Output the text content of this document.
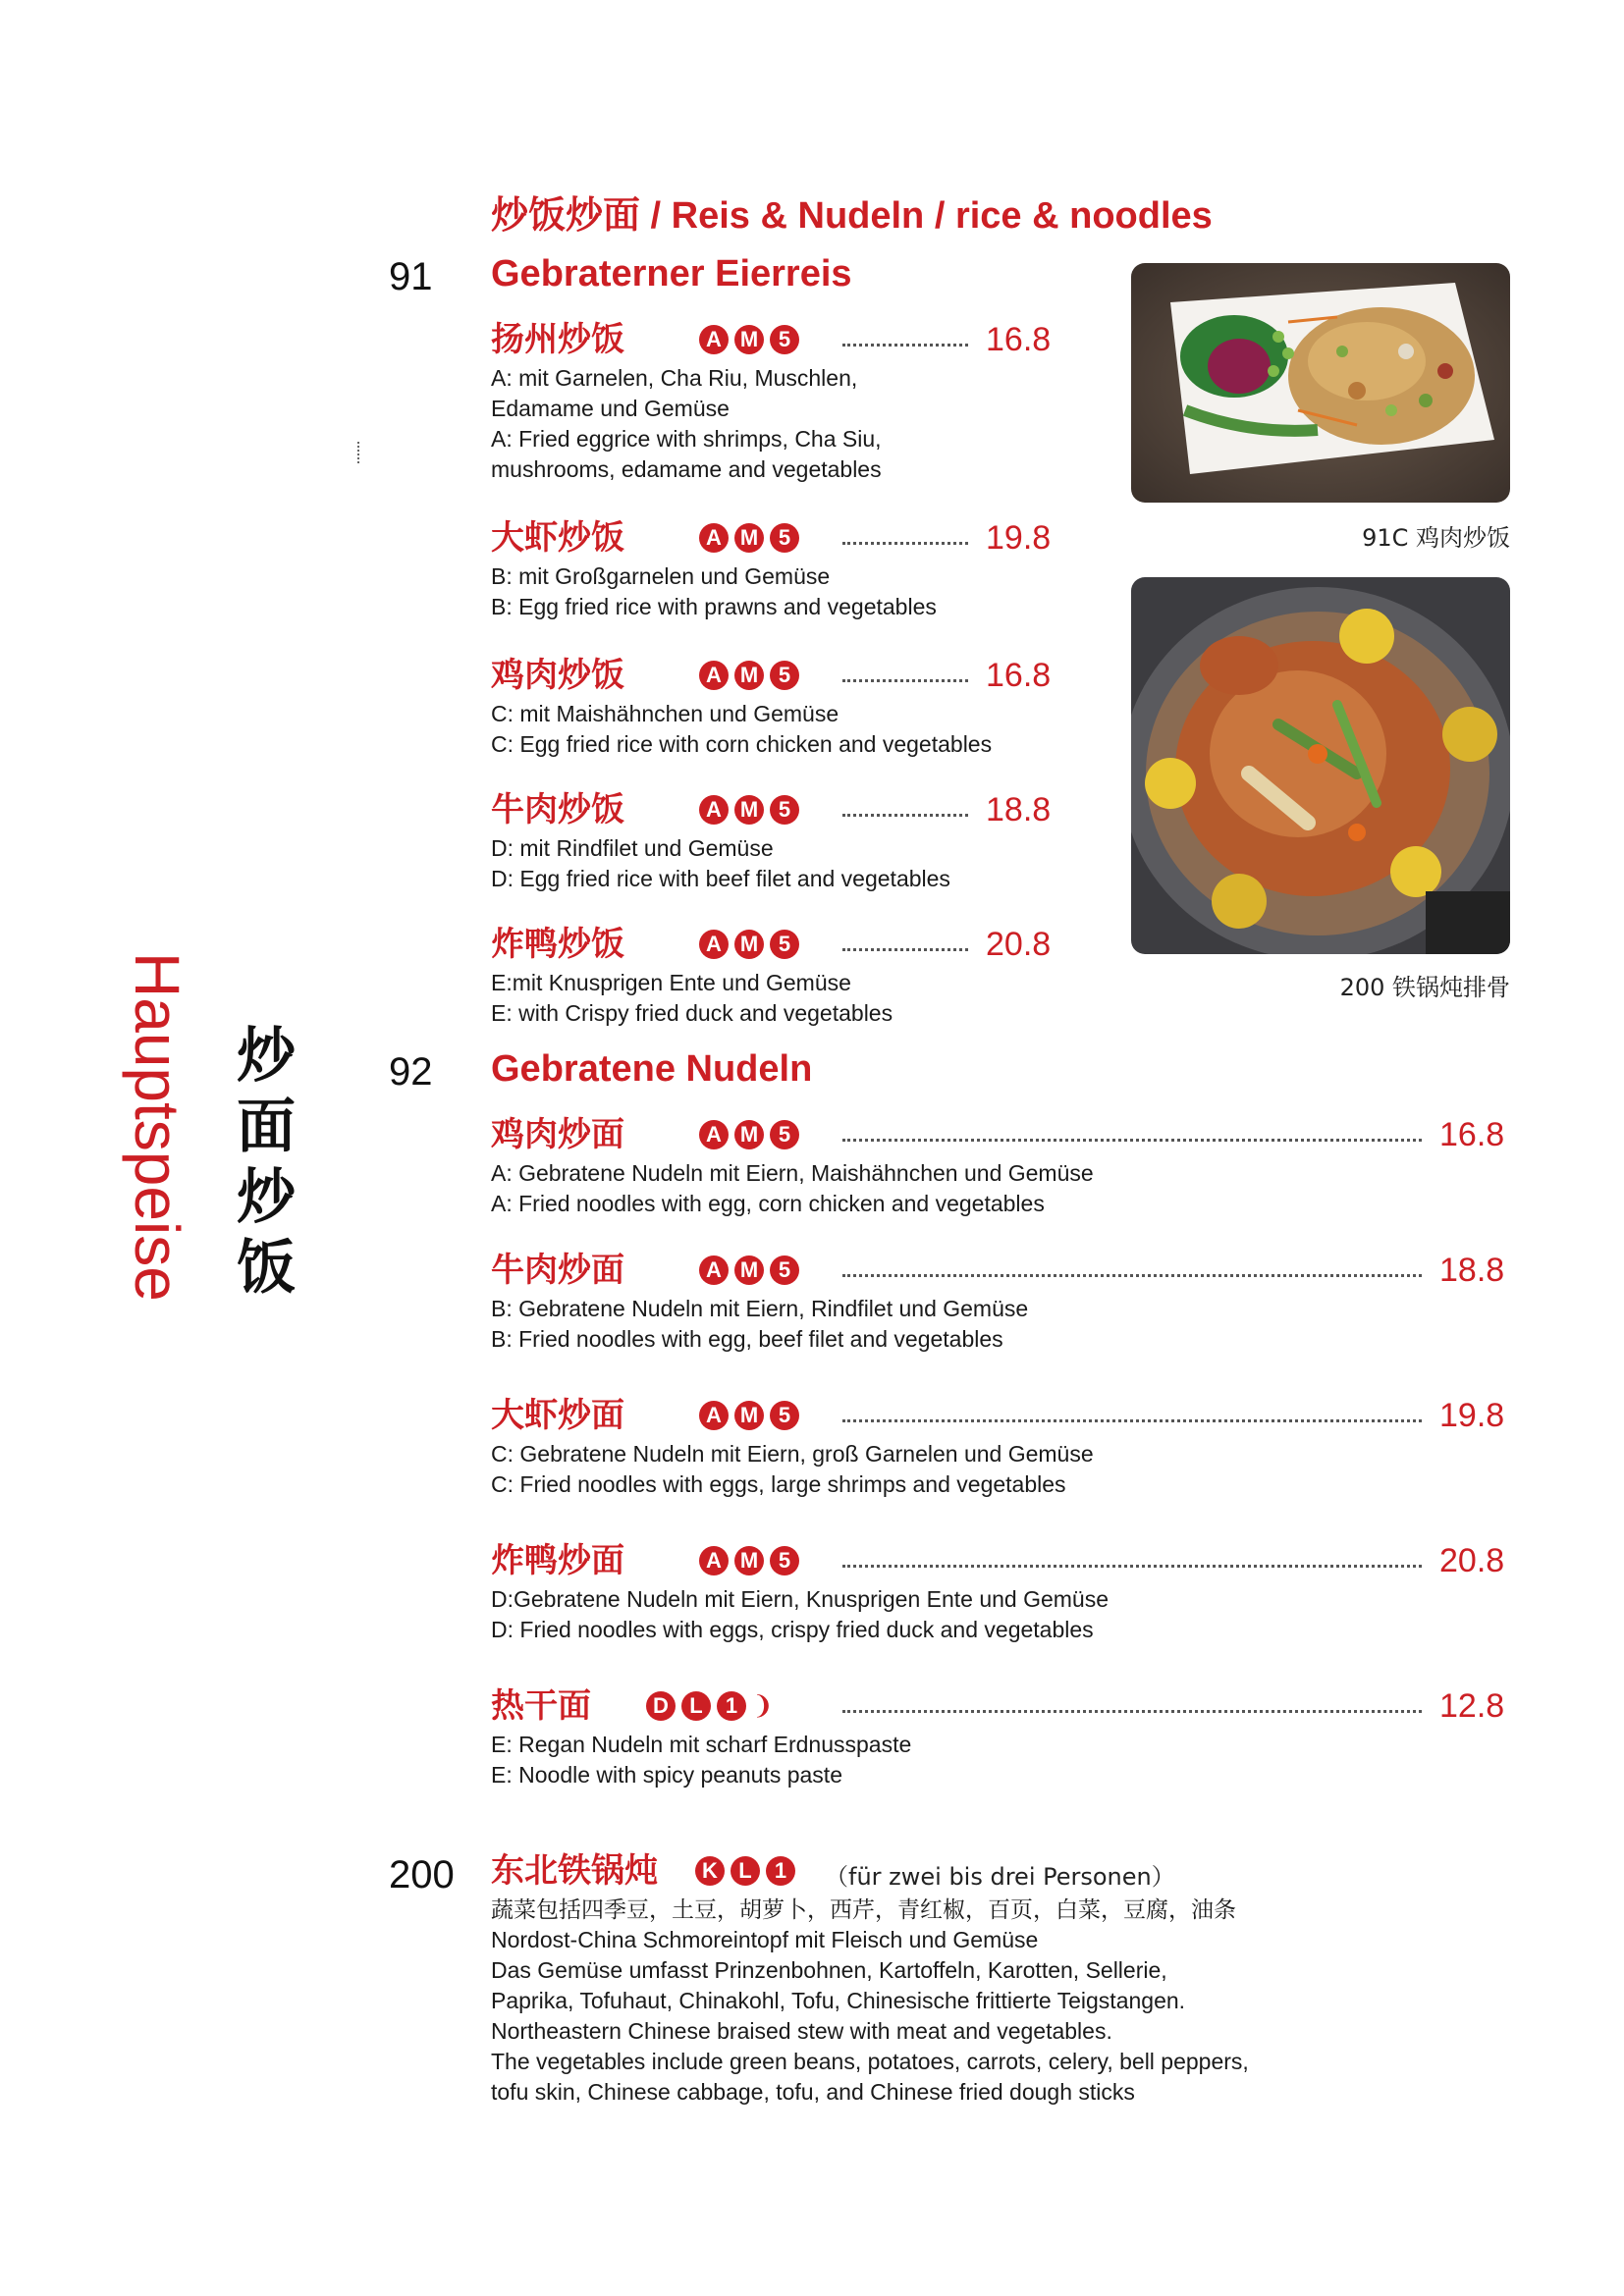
Hauptspeise 炒
面
炒
饭
炒饭炒面 / Reis & Nudeln / rice & noodles
91 Gebraterner Eierreis
扬州炒饭	A M 5	16.8
A: mit Garnelen, Cha Riu, Muschlen,
Edamame und Gemüse
A: Fried eggrice with shrimps, Cha Siu,
mushrooms, edamame and vegetables
大虾炒饭	A M 5	19.8
B: mit Großgarnelen und Gemüse
B: Egg fried rice with prawns and vegetables
鸡肉炒饭	A M 5	16.8
C: mit Maishähnchen und Gemüse
C: Egg fried rice with corn chicken and vegetables
牛肉炒饭	A M 5	18.8
D: mit Rindfilet und Gemüse
D: Egg fried rice with beef filet and vegetables
炸鸭炒饭	A M 5	20.8
E:mit Knusprigen Ente und Gemüse
E: with Crispy fried duck and vegetables
92 Gebratene Nudeln
鸡肉炒面	A M 5	16.8
A: Gebratene Nudeln mit Eiern, Maishähnchen und Gemüse
A: Fried noodles with egg, corn chicken and vegetables
牛肉炒面	A M 5	18.8
B: Gebratene Nudeln mit Eiern, Rindfilet und Gemüse
B: Fried noodles with egg, beef filet and vegetables
大虾炒面	A M 5	19.8
C: Gebratene Nudeln mit Eiern, groß Garnelen und Gemüse
C: Fried noodles with eggs, large shrimps and vegetables
炸鸭炒面	A M 5	20.8
D:Gebratene Nudeln mit Eiern, Knusprigen Ente und Gemüse
D: Fried noodles with eggs, crispy fried duck and vegetables
热干面	D L	1 ❩	12.8
E: Regan Nudeln mit scharf Erdnusspaste
E: Noodle with spicy peanuts paste
200 东北铁锅炖	K L	1	（für zwei bis drei Personen）
蔬菜包括四季豆，土豆，胡萝卜，西芹，青红椒，百页，白菜，豆腐，油条
Nordost-China Schmoreintopf mit Fleisch und Gemüse
Das Gemüse umfasst Prinzenbohnen, Kartoffeln, Karotten, Sellerie,
Paprika, Tofuhaut, Chinakohl, Tofu, Chinesische frittierte Teigstangen.
Northeastern Chinese braised stew with meat and vegetables.
The vegetables include green beans, potatoes, carrots, celery, bell peppers,
tofu skin, Chinese cabbage, tofu, and Chinese fried dough sticks
91C 鸡肉炒饭
200 铁锅炖排骨
